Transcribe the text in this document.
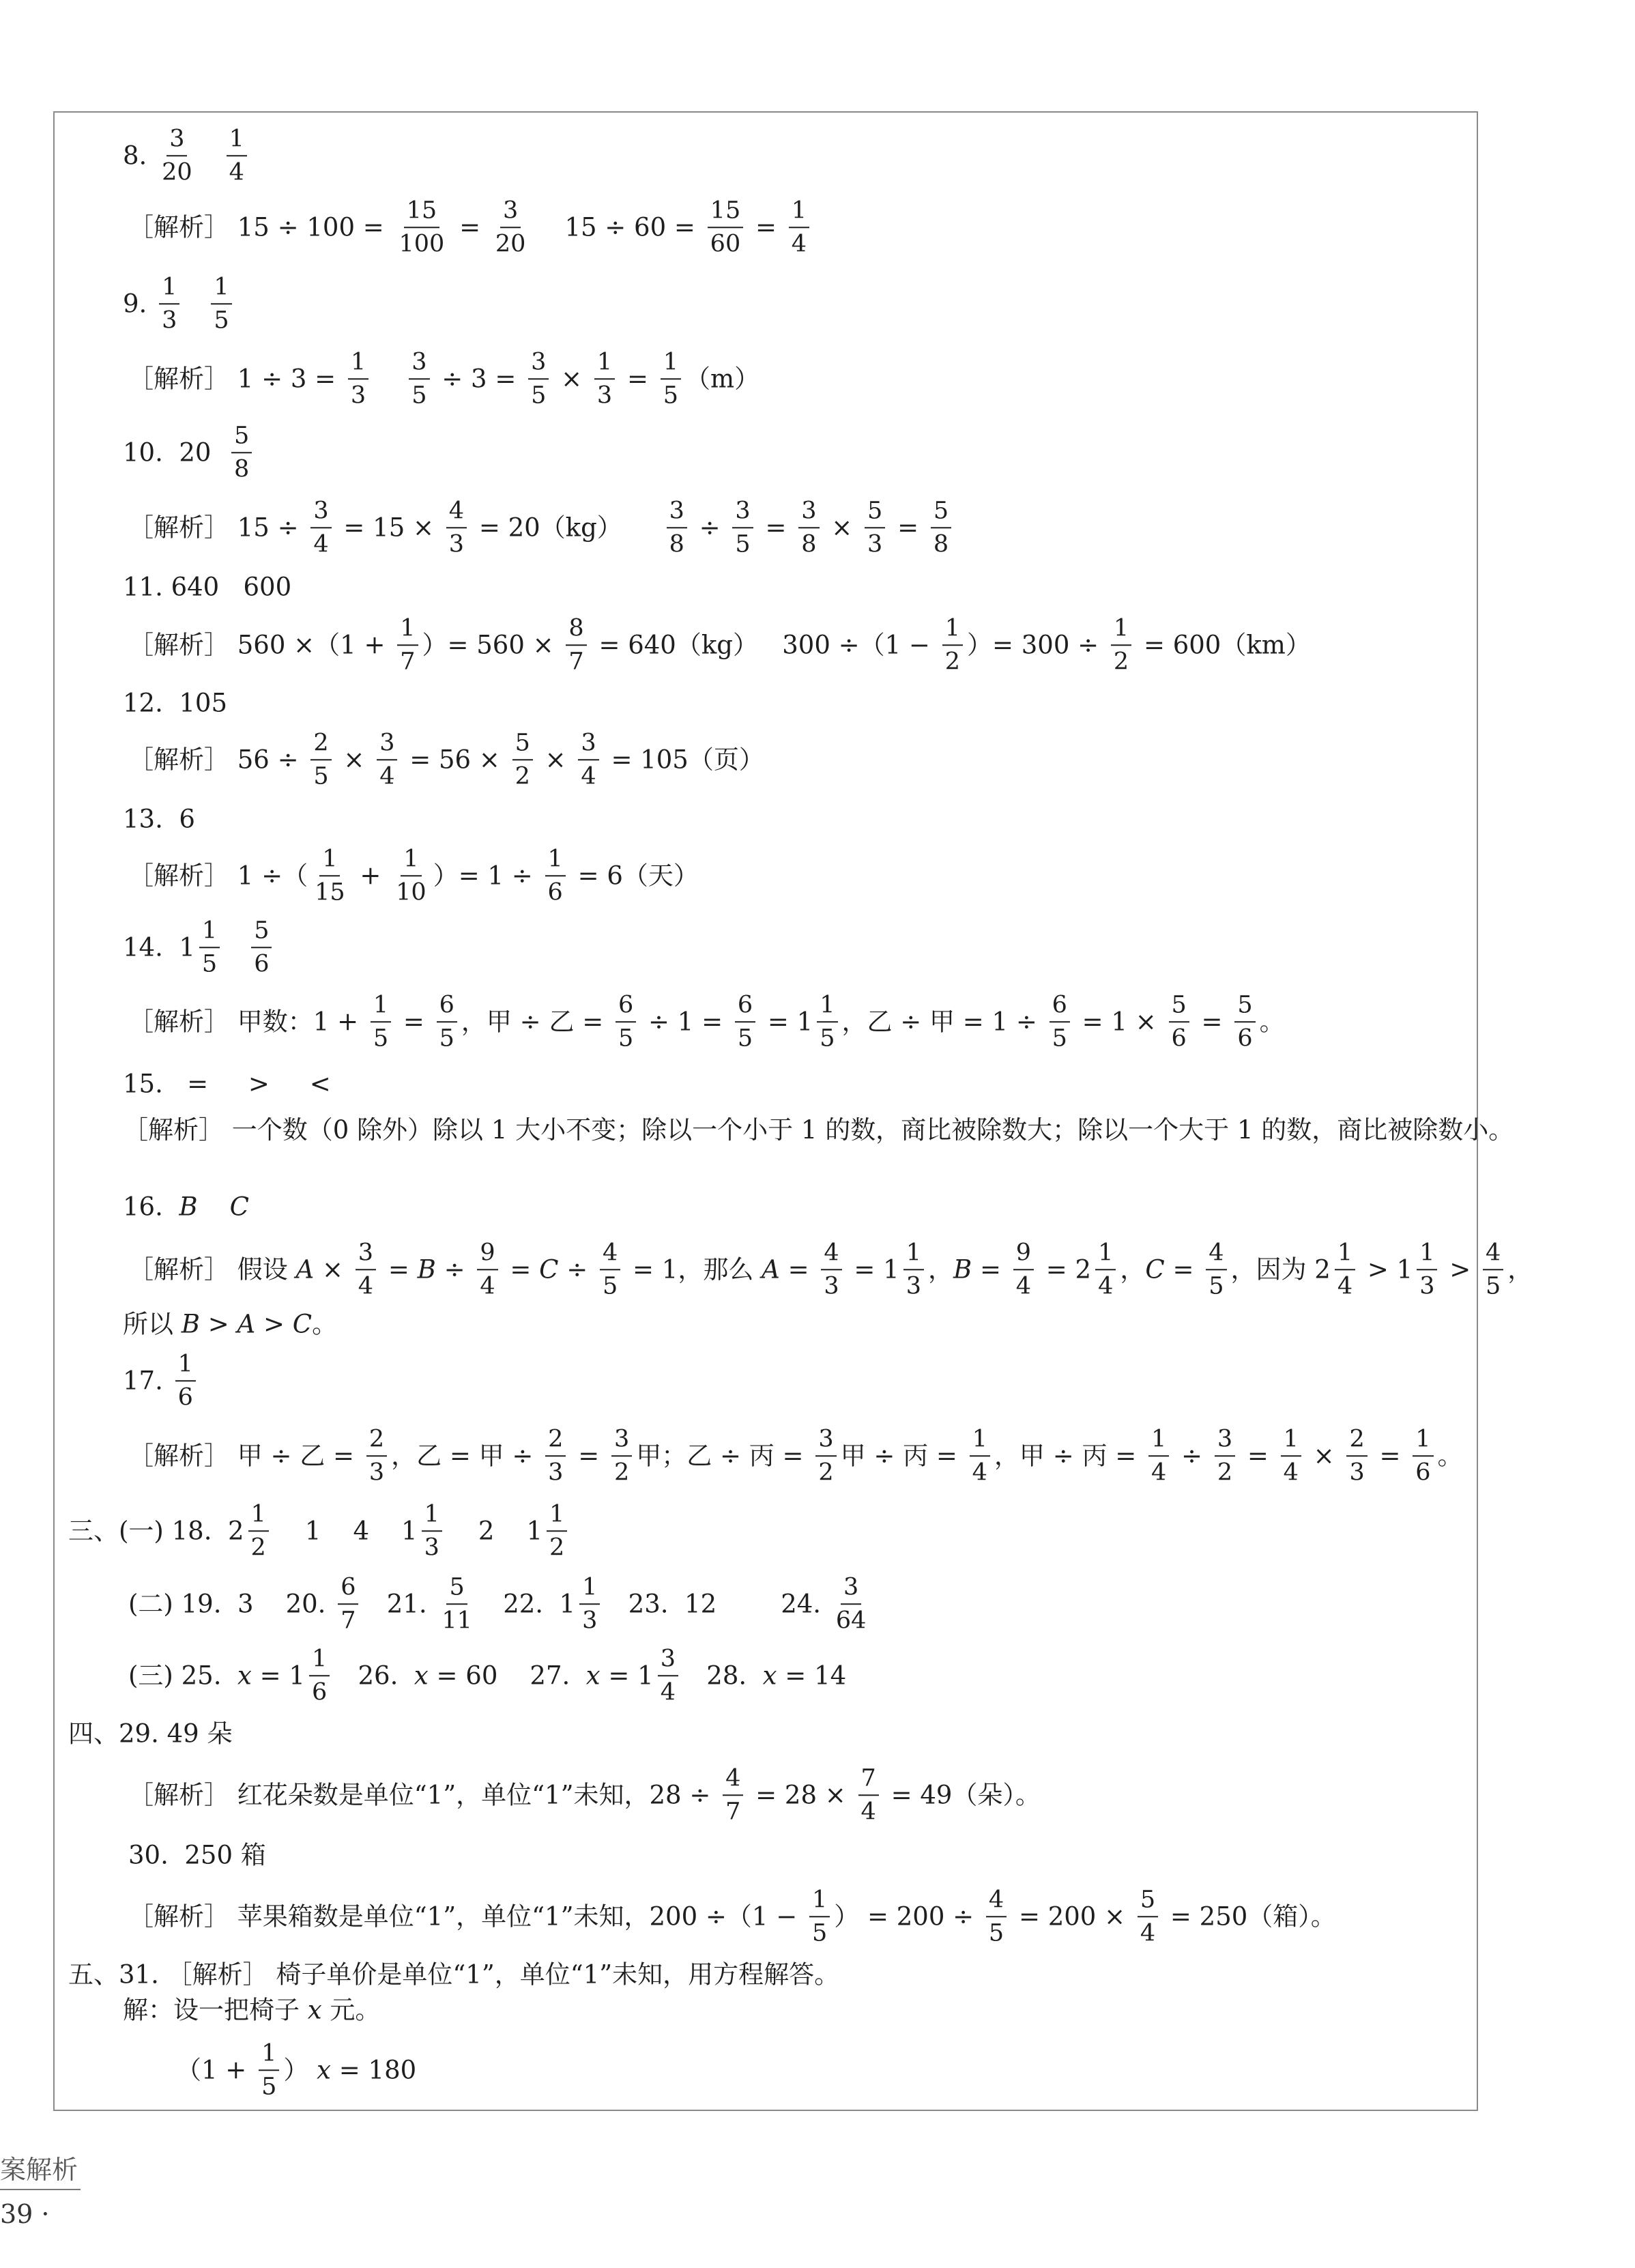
8. $\frac{3}{20} \frac{1}{4}$
［解析］ $15 \div 100 = \frac{15}{100} = \frac{3}{20} 15 \div 60 = \frac{15}{60} = \frac{1}{4}$
9. $\frac{1}{3} \frac{1}{5}$
［解析］ $1 \div 3 = \frac{1}{3}$
$\frac{3}{5} \div 3 = \frac{3}{5} \times \frac{1}{3} = \frac{1}{5} (m)$
10.  $20 \frac{5}{8}$
［解析］ $15 \div \frac{3}{4} = 15 \times \frac{4}{3} = 20(kg) \frac{3}{8} \div \frac{3}{5} = \frac{3}{8} \times \frac{5}{3} = \frac{5}{8}$
11. 640   600
［解析］ $560 \times(1 + \frac{1}{7}$ ）= $560 \times \frac{8}{7} = 640(kg)$   $300 \div(1 - \frac{1}{2}$ ）= $300 \div \frac{1}{2} = 600(km)$
12.  105
［解析］ $56 \div \frac{2}{5} \times \frac{3}{4} = 56 \times \frac{5}{2} \times \frac{3}{4} = 105$（页）
13.  6
［解析］ 1 ÷（ $\frac{1}{15} + \frac{1}{10}$ ）= $1 \div \frac{1}{6} = 6$（天）
14.  $1 \frac{1}{5} \frac{5}{6}$
［解析］ 甲数：$1 + \frac{1}{5} = \frac{6}{5}$ ，甲 ÷ 乙 = $\frac{6}{5} \div 1 = \frac{6}{5} = 1 \frac{1}{5}$ ，乙 ÷ 甲 = $1 \div \frac{6}{5} = 1 \times \frac{5}{6} = \frac{5}{6}$ 。
15.   =     >     <
［解析］ 一个数（0 除外）除以 1 大小不变；除以一个小于 1 的数，商比被除数大；除以一个大于 1 的数，商比被除数小。
16. B
C
［解析］ 假设 $A \times \frac{3}{4} = B \div \frac{9}{4} = C \div \frac{4}{5} = 1$，那么 $A = \frac{4}{3} = 1 \frac{1}{3}$ ， $B = \frac{9}{4} = 2 \frac{1}{4}$ ， $C = \frac{4}{5}$ ，因为 $2 \frac{1}{4} > 1 \frac{1}{3} > \frac{4}{5}$ ，
所以 B > A > C 。
17. $\frac{1}{6}$
［解析］ 甲 ÷ 乙 = $\frac{2}{3}$ ，乙 = 甲 ÷ $\frac{2}{3} = \frac{3}{2}$ 甲；乙 ÷ 丙 = $\frac{3}{2}$ 甲 ÷ 丙 = $\frac{1}{4}$ ，甲 ÷ 丙 = $\frac{1}{4} \div \frac{3}{2} = \frac{1}{4} \times \frac{2}{3} = \frac{1}{6}$ 。
三、(一) 18.  $2 \frac{1}{2} 1$    4    $1 \frac{1}{3} 2$    $1 \frac{1}{2}$
(二) 19.  3    20. $\frac{6}{7} 21$. $\frac{5}{11} 22$.  $1 \frac{1}{3} 23$.  12        24. $\frac{3}{64}$
(三) 25. $x = 1 \frac{1}{6} 26$. x = 60    27. $x = 1 \frac{3}{4} 28$. x = 14
四、29. 49 朵
［解析］ 红花朵数是单位“1”，单位“1”未知，$28 \div \frac{4}{7} = 28 \times \frac{7}{4} = 49$（朵）。
30.  250 箱
［解析］ 苹果箱数是单位“1”，单位“1”未知，$200 \div(1 - \frac{1}{5}$ ） = $200 \div \frac{4}{5} = 200 \times \frac{5}{4} = 250$（箱）。
五、31. ［解析］ 椅子单价是单位“1”，单位“1”未知，用方程解答。
解：设一把椅子 x 元。
（$1 + \frac{1}{5}$ ） x = 180
案解析
39 ·
